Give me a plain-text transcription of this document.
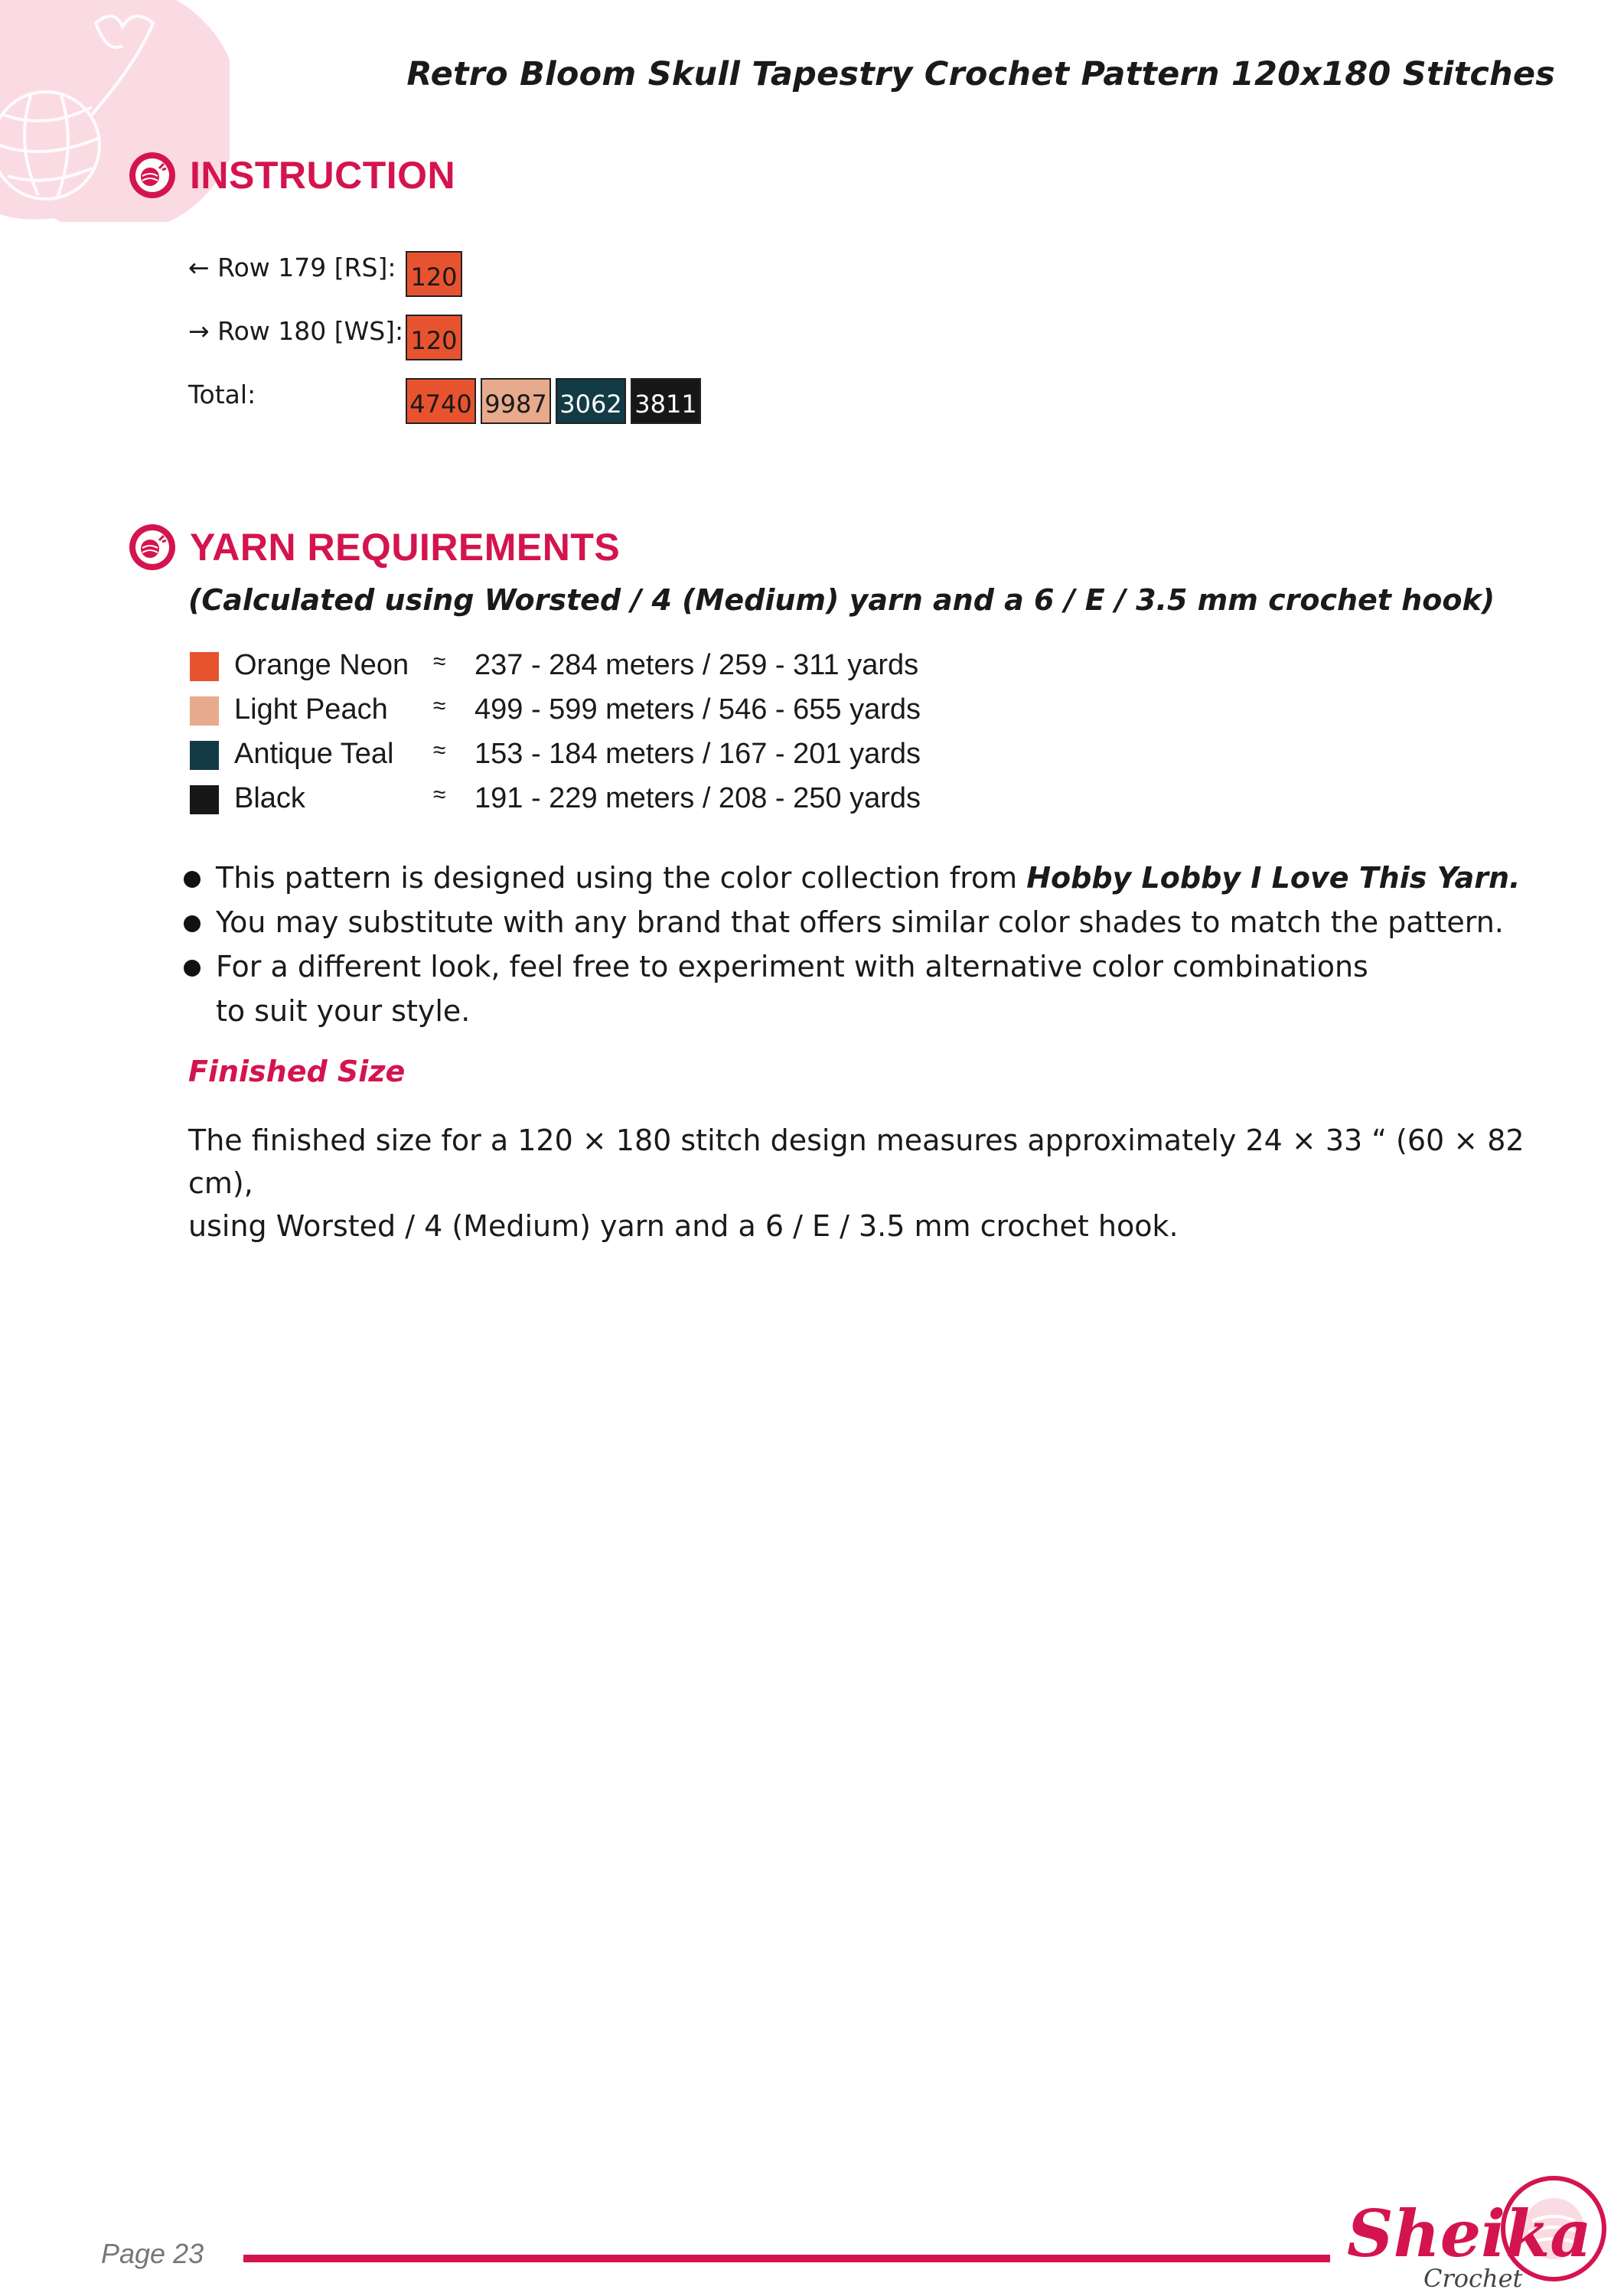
Retro Bloom Skull Tapestry Crochet Pattern 120x180 Stitches
INSTRUCTION
← Row 179 [RS]: 120
→ Row 180 [WS]: 120
Total:	4740 9987 3062 3811
YARN REQUIREMENTS
(Calculated using Worsted / 4 (Medium) yarn and a 6 / E / 3.5 mm crochet hook)
Orange Neon ≈ 237 - 284 meters / 259 - 311 yards
Light Peach ≈ 499 - 599 meters / 546 - 655 yards
Antique Teal ≈ 153 - 184 meters / 167 - 201 yards
Black	≈ 191 - 229 meters / 208 - 250 yards
This pattern is designed using the color collection from Hobby Lobby I Love This Yarn.
You may substitute with any brand that offers similar color shades to match the pattern.
For a different look, feel free to experiment with alternative color combinations
to suit your style.
Finished Size
The finished size for a 120 × 180 stitch design measures approximately 24 × 33 “ (60 × 82 cm),
using Worsted / 4 (Medium) yarn and a 6 / E / 3.5 mm crochet hook.
Page 23	Sheika
Crochet
